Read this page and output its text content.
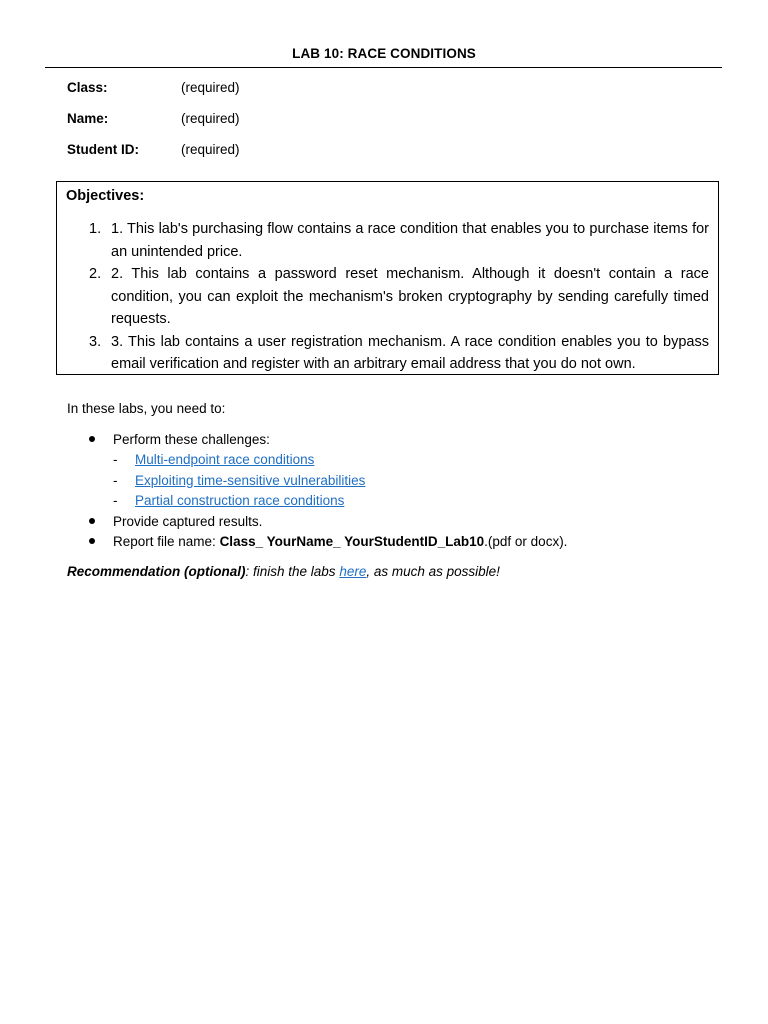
LAB 10: RACE CONDITIONS
Class:	(required)
Name:	(required)
Student ID:	(required)
Objectives:
1. 1. This lab's purchasing flow contains a race condition that enables you to purchase items for an unintended price.
2. 2. This lab contains a password reset mechanism. Although it doesn't contain a race condition, you can exploit the mechanism's broken cryptography by sending carefully timed requests.
3. 3. This lab contains a user registration mechanism. A race condition enables you to bypass email verification and register with an arbitrary email address that you do not own.
In these labs, you need to:
Perform these challenges:
- Multi-endpoint race conditions
- Exploiting time-sensitive vulnerabilities
- Partial construction race conditions
Provide captured results.
Report file name: Class_ YourName_ YourStudentID_Lab10.(pdf or docx).
Recommendation (optional): finish the labs here, as much as possible!
